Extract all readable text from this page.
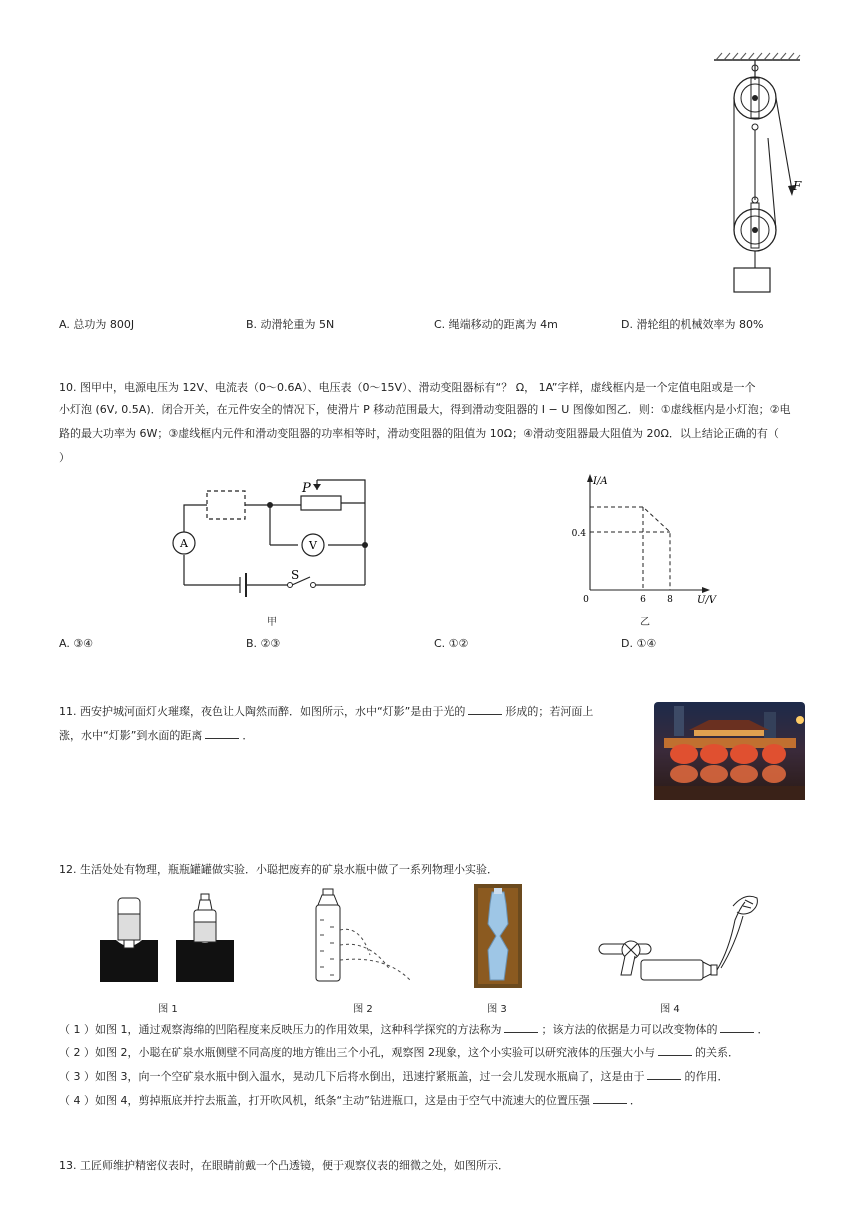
F
A. 总功为 800J	B. 动滑轮重为 5N	C. 绳端移动的距离为 4m	D. 滑轮组的机械效率为 80%
10. 图甲中，电源电压为 12V、电流表（0～0.6A）、电压表（0～15V）、滑动变阻器标有“？ Ω， 1A”字样，虚线框内是一个定值电阻或是一个
小灯泡 (6V, 0.5A)．闭合开关，在元件安全的情况下，使滑片 P 移动范围最大，得到滑动变阻器的 I − U 图像如图乙．则：①虚线框内是小灯泡；②电
路的最大功率为 6W；③虚线框内元件和滑动变阻器的功率相等时，滑动变阻器的阻值为 10Ω；④滑动变阻器最大阻值为 20Ω．以上结论正确的有（
）
A	V
P
S
甲
I/A
U/V
0
0.4
6 8
乙
A. ③④	B. ②③	C. ①②	D. ①④
11. 西安护城河面灯火璀璨，夜色让人陶然而醉．如图所示，水中“灯影”是由于光的	形成的；若河面上
涨，水中“灯影”到水面的距离	．
12. 生活处处有物理，瓶瓶罐罐做实验．小聪把废弃的矿泉水瓶中做了一系列物理小实验．
图 1	图 2	图 3	图 4
（ 1 ）如图 1，通过观察海绵的凹陷程度来反映压力的作用效果，这种科学探究的方法称为	；该方法的依据是力可以改变物体的	．
（ 2 ）如图 2，小聪在矿泉水瓶侧壁不同高度的地方锥出三个小孔，观察图 2现象，这个小实验可以研究液体的压强大小与	的关系．
（ 3 ）如图 3，向一个空矿泉水瓶中倒入温水，晃动几下后将水倒出，迅速拧紧瓶盖，过一会儿发现水瓶扁了，这是由于	的作用．
（ 4 ）如图 4，剪掉瓶底并拧去瓶盖，打开吹风机，纸条“主动”钻进瓶口，这是由于空气中流速大的位置压强	．
13. 工匠师维护精密仪表时，在眼睛前戴一个凸透镜，便于观察仪表的细微之处，如图所示．
